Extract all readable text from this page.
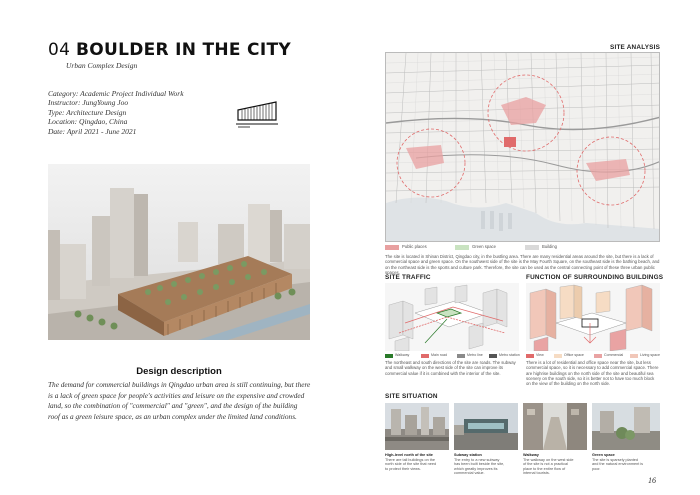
04 BOULDER IN THE CITY
Urban Complex Design
Category: Academic Project Individual Work
Instructor: JungYoung Joo
Type: Architecture Design
Location: Qingdao, China
Date: April 2021 - June 2021
Design description
The demand for commercial buildings in Qingdao urban area is still continuing, but there is a lack of green space for people's activities and leisure on the expensive and crowded land, so the combination of "commercial" and "green", and the design of the building roof as a green leisure space, as an urban complex under the limited land conditions.
SITE ANALYSIS
Public places	Green space	Building
The site is located in Shinan District, Qingdao city, in the bustling area. There are many residential areas around the site, but there is a lack of commercial space and green space. On the southwest side of the site is the May Fourth Square, on the southeast side is the bathing beach, and on the northeast side is the sports and culture park. Therefore, the site can be used as the central connecting point of these three urban public spaces.
SITE TRAFFIC	FUNCTION OF SURROUNDING BUILDINGS
Walkway	Main road	Metro line	Metro station	View	Office space	Commercial	Living space
The northeast and south directions of the site are roads. The subway and small walkway on the west side of the site can improve its commercial value if it is combined with the interior of the site.
There is a lot of residential and office space near the site, but less commercial space, so it is necessary to add commercial space. There are highrise buildings on the north side of the site and beautiful sea scenery on the south side, so it is better not to have too much block on the view of the building on the north side.
SITE SITUATION
High-level north of the site
There are tall buildings on the north side of the site that need to protect their views.
Subway station
The entry to a new subway has been built beside the site, which greatly improves its commercial value.
Walkway
The walkway on the west side of the site is not a practical place to the entire flow of internal tourists.
Green space
The site is sparsely planted and the natural environment is poor.
16
